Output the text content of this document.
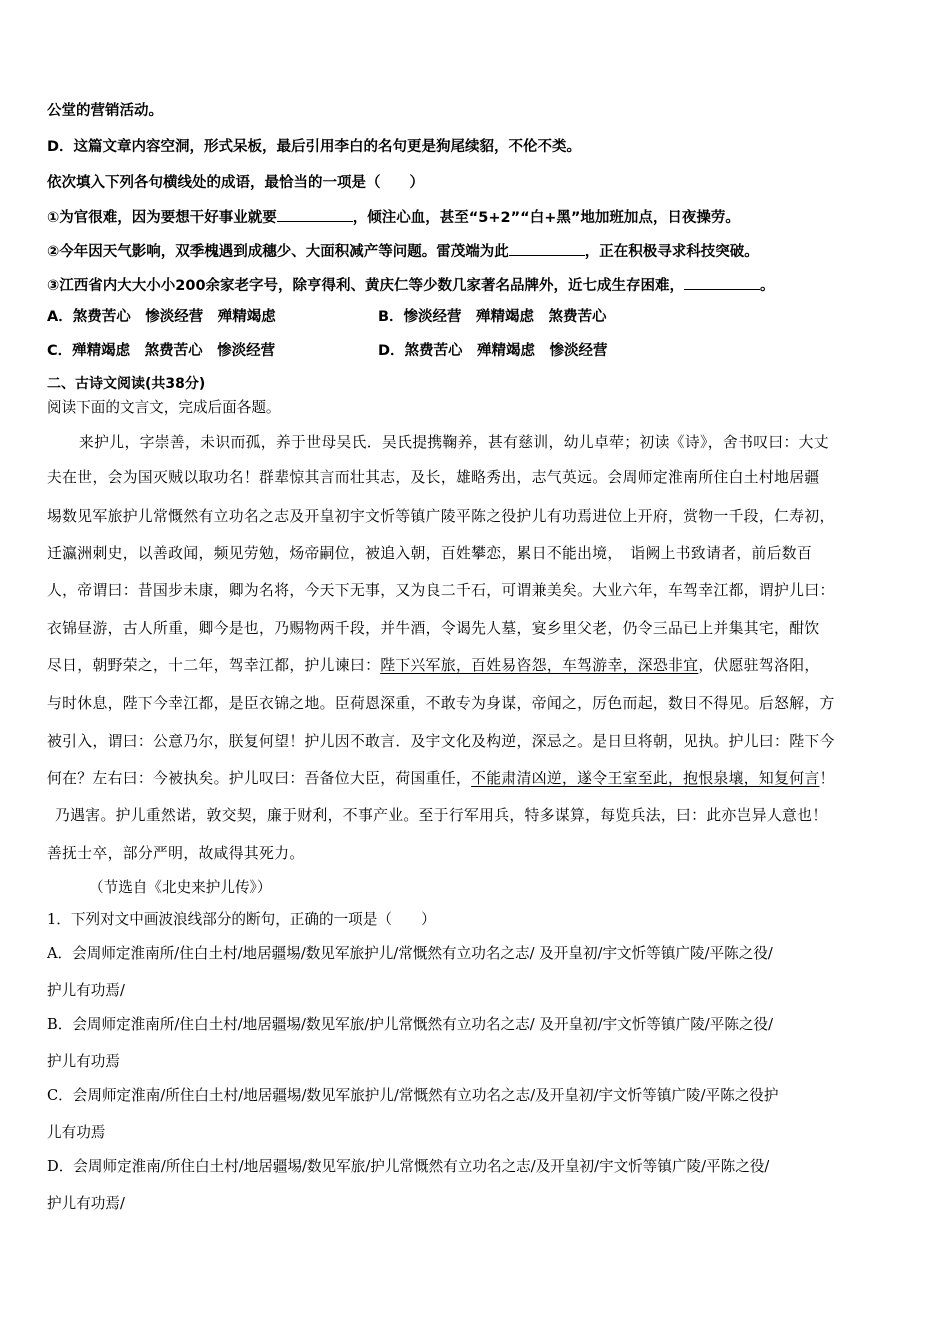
公堂的营销活动。
D．这篇文章内容空洞，形式呆板，最后引用李白的名句更是狗尾续貂，不伦不类。
依次填入下列各句横线处的成语，最恰当的一项是（　　）
①为官很难，因为要想干好事业就要	，倾注心血，甚至“5+2”“白+黑”地加班加点，日夜操劳。
②今年因天气影响，双季槐遇到成穗少、大面积减产等问题。雷茂端为此	，正在积极寻求科技突破。
③江西省内大大小小200余家老字号，除亨得利、黄庆仁等少数几家著名品牌外，近七成生存困难，	。
A．煞费苦心　惨淡经营　殚精竭虑	B．惨淡经营　殚精竭虑　煞费苦心
C．殚精竭虑　煞费苦心　惨淡经营	D．煞费苦心　殚精竭虑　惨淡经营
二、古诗文阅读(共38分)
阅读下面的文言文，完成后面各题。
来护儿，字崇善，未识而孤，养于世母吴氏．吴氏提携鞠养，甚有慈训，幼儿卓荦；初读《诗》，舍书叹曰：大丈
夫在世，会为国灭贼以取功名！群辈惊其言而壮其志，及长，雄略秀出，志气英远。会周师定淮南所住白土村地居疆
埸数见军旅护儿常慨然有立功名之志及开皇初宇文忻等镇广陵平陈之役护儿有功焉进位上开府，赏物一千段，仁寿初，
迁瀛洲刺史，以善政闻，频见劳勉，炀帝嗣位，被追入朝，百姓攀恋，累日不能出境，　诣阙上书致请者，前后数百
人，帝谓曰：昔国步未康，卿为名将，今天下无事，又为良二千石，可谓兼美矣。大业六年，车驾幸江都，谓护儿曰：
衣锦昼游，古人所重，卿今是也，乃赐物两千段，并牛酒，令谒先人墓，宴乡里父老，仍令三品已上并集其宅，酣饮
尽日，朝野荣之，十二年，驾幸江都，护儿谏曰：陛下兴军旅，百姓易咨怨，车驾游幸，深恐非宜，伏愿驻驾洛阳，
与时休息，陛下今幸江都，是臣衣锦之地。臣荷恩深重，不敢专为身谋，帝闻之，厉色而起，数日不得见。后怒解，方
被引入，谓曰：公意乃尔，朕复何望！护儿因不敢言．及宇文化及构逆，深忌之。是日旦将朝，见执。护儿曰：陛下今
何在？左右曰：今被执矣。护儿叹曰：吾备位大臣，荷国重任，不能肃清凶逆，遂令王室至此，抱恨泉壤，知复何言！
乃遇害。护儿重然诺，敦交契，廉于财利，不事产业。至于行军用兵，特多谋算，每览兵法，曰：此亦岂异人意也！
善抚士卒，部分严明，故咸得其死力。
（节选自《北史来护儿传》）
1．下列对文中画波浪线部分的断句，正确的一项是（　　）
A．会周师定淮南所/住白土村/地居疆埸/数见军旅护儿/常慨然有立功名之志/ 及开皇初/宇文忻等镇广陵/平陈之役/
护儿有功焉/
B．会周师定淮南所/住白土村/地居疆埸/数见军旅/护儿常慨然有立功名之志/ 及开皇初/宇文忻等镇广陵/平陈之役/
护儿有功焉
C．会周师定淮南/所住白土村/地居疆埸/数见军旅护儿/常慨然有立功名之志/及开皇初/宇文忻等镇广陵/平陈之役护
儿有功焉
D．会周师定淮南/所住白土村/地居疆埸/数见军旅/护儿常慨然有立功名之志/及开皇初/宇文忻等镇广陵/平陈之役/
护儿有功焉/
